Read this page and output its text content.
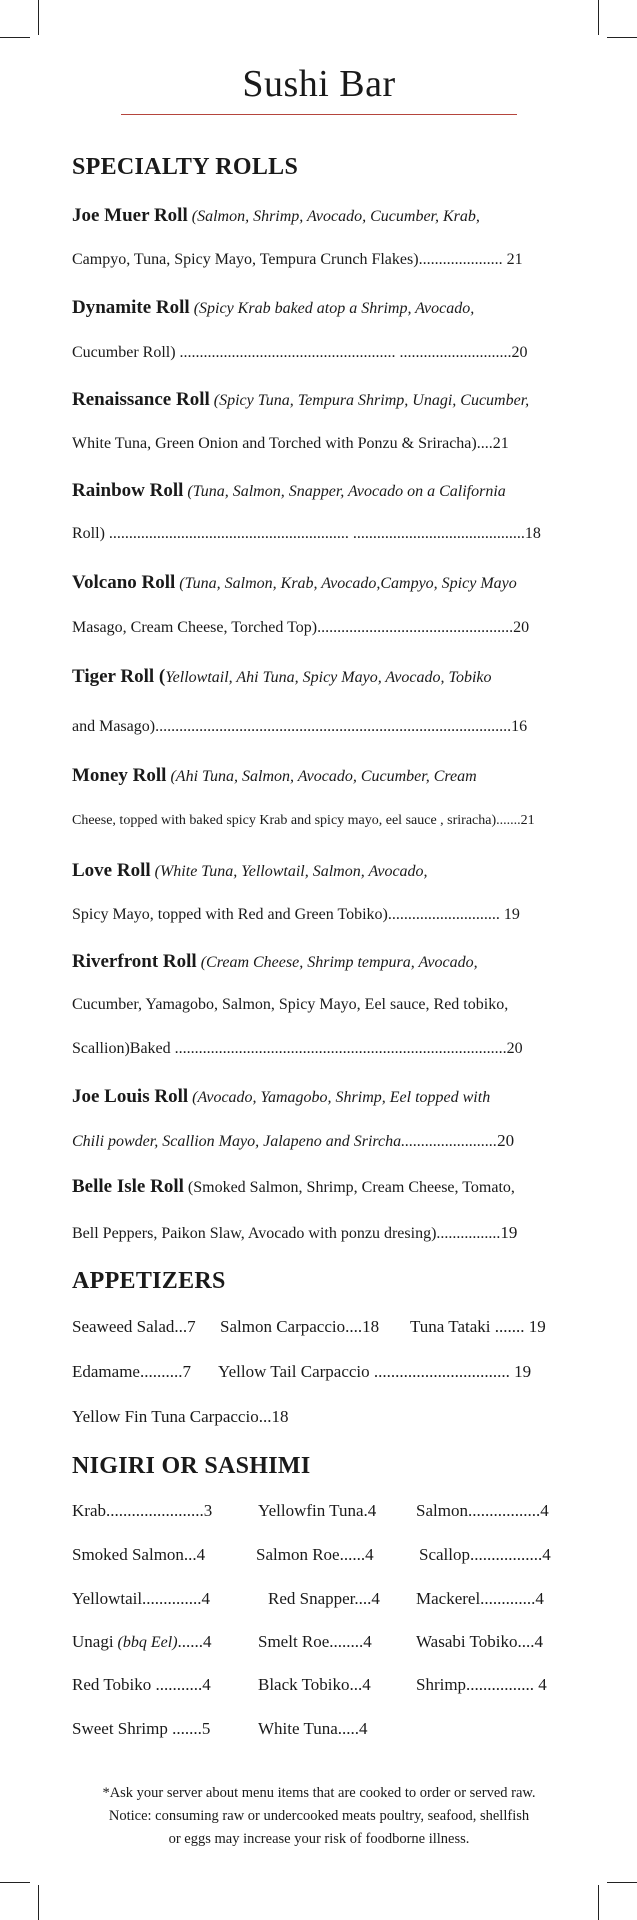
Sushi Bar
SPECIALTY ROLLS
Joe Muer Roll (Salmon, Shrimp, Avocado, Cucumber, Krab,
Campyo, Tuna, Spicy Mayo, Tempura Crunch Flakes)..................... 21
Dynamite Roll (Spicy Krab baked atop a Shrimp, Avocado,
Cucumber Roll) ...................................................... ............................20
Renaissance Roll (Spicy Tuna, Tempura Shrimp, Unagi, Cucumber,
White Tuna, Green Onion and Torched with Ponzu & Sriracha)....21
Rainbow Roll (Tuna, Salmon, Snapper, Avocado on a California
Roll) ............................................................ ...........................................18
Volcano Roll (Tuna, Salmon, Krab, Avocado,Campyo, Spicy Mayo
Masago, Cream Cheese, Torched Top).................................................20
Tiger Roll (Yellowtail, Ahi Tuna, Spicy Mayo, Avocado, Tobiko
and Masago).........................................................................................16
Money Roll (Ahi Tuna, Salmon, Avocado, Cucumber, Cream
Cheese, topped with baked spicy Krab and spicy mayo, eel sauce , sriracha).......21
Love Roll (White Tuna, Yellowtail, Salmon, Avocado,
Spicy Mayo, topped with Red and Green Tobiko)............................ 19
Riverfront Roll (Cream Cheese, Shrimp tempura, Avocado,
Cucumber, Yamagobo, Salmon, Spicy Mayo, Eel sauce, Red tobiko,
Scallion)Baked ...................................................................................20
Joe Louis Roll (Avocado, Yamagobo, Shrimp, Eel topped with
Chili powder, Scallion Mayo, Jalapeno and Srircha........................20
Belle Isle Roll (Smoked Salmon, Shrimp, Cream Cheese, Tomato,
Bell Peppers, Paikon Slaw, Avocado with ponzu dresing)................19
APPETIZERS
Seaweed Salad...7 Salmon Carpaccio....18 Tuna Tataki ....... 19
Edamame..........7 Yellow Tail Carpaccio ................................ 19
Yellow Fin Tuna Carpaccio...18
NIGIRI OR SASHIMI
Krab.......................3	Yellowfin Tuna.4 Salmon.................4
Smoked Salmon...4	Salmon Roe......4	Scallop.................4
Yellowtail..............4	Red Snapper....4 Mackerel.............4
Unagi (bbq Eel)......4	Smelt Roe........4	Wasabi Tobiko....4
Red Tobiko ...........4	Black Tobiko...4	Shrimp................ 4
Sweet Shrimp .......5	White Tuna.....4
*Ask your server about menu items that are cooked to order or served raw.
Notice: consuming raw or undercooked meats poultry, seafood, shellfish
or eggs may increase your risk of foodborne illness.
